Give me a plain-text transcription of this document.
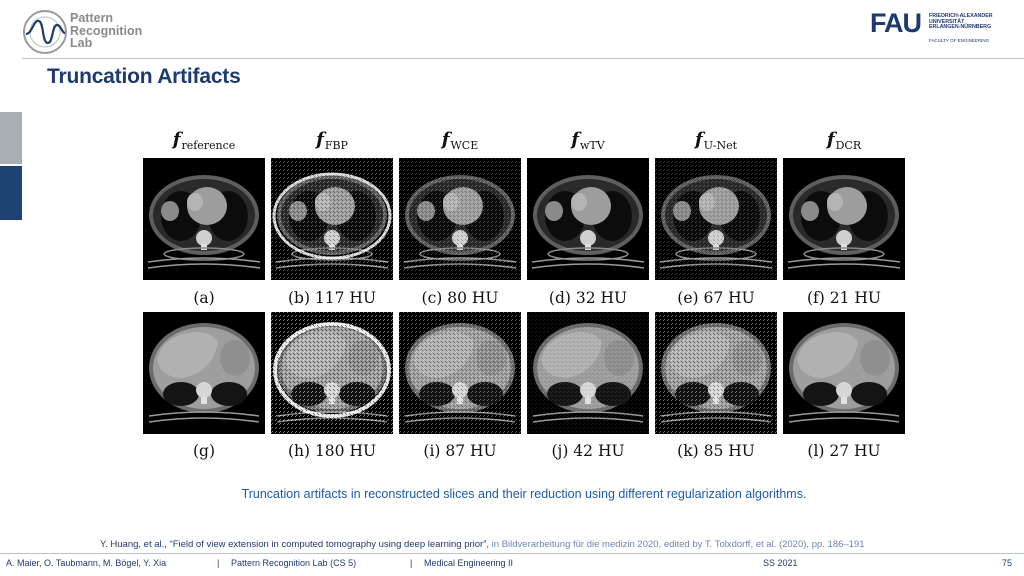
Pattern
Recognition
Lab
FAU FRIEDRICH-ALEXANDER
UNIVERSITÄT
ERLANGEN-NÜRNBERG
FACULTY OF ENGINEERING
Truncation Artifacts
$f_{reference}$	$f_{FBP}$	$f_{WCE}$	$f_{wTV}$	$f_{U-Net}$	$f_{DCR}$
(a)	(b) 117 HU	(c) 80 HU	(d) 32 HU	(e) 67 HU	(f) 21 HU
(g)	(h) 180 HU	(i) 87 HU	(j) 42 HU	(k) 85 HU	(l) 27 HU
Truncation artifacts in reconstructed slices and their reduction using different regularization algorithms.
Y. Huang, et al., “Field of view extension in computed tomography using deep learning prior”, in Bildverarbeitung für die medizin 2020, edited by T. Tolxdorff, et al. (2020), pp. 186–191
A. Maier, O. Taubmann, M. Bögel, Y. Xia	| Pattern Recognition Lab (CS 5)	| Medical Engineering II	SS 2021	75
